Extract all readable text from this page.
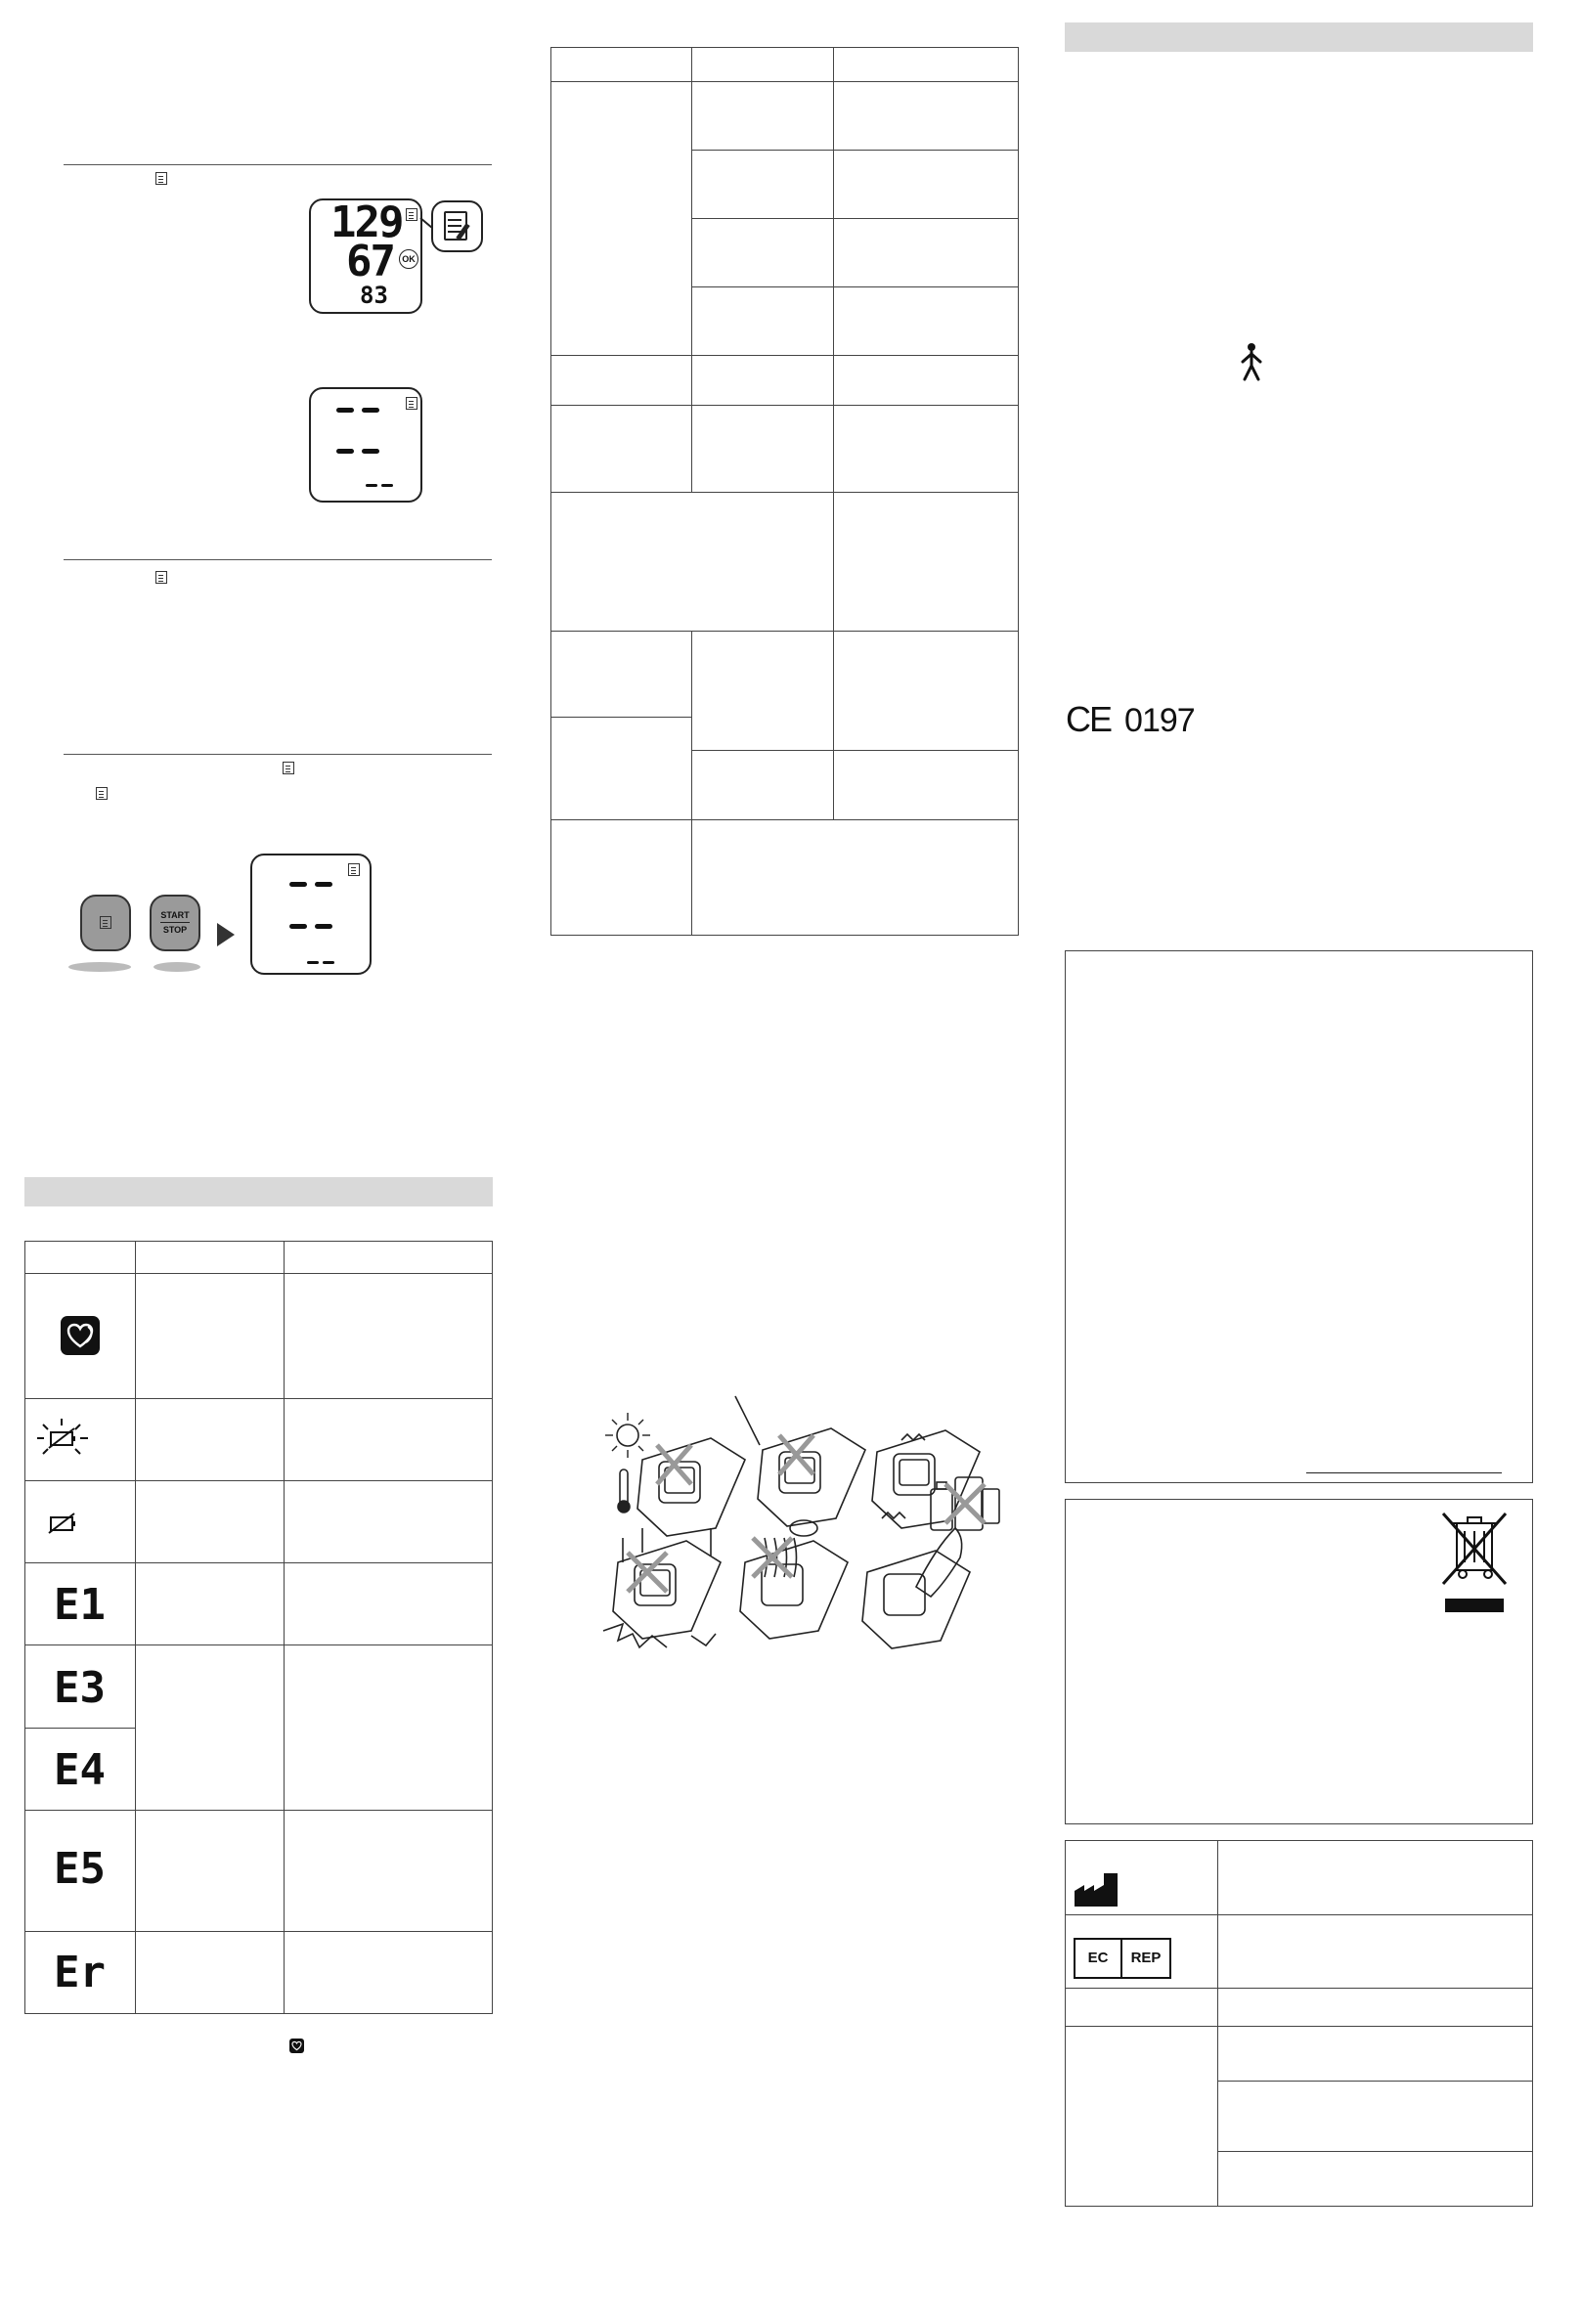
129
67 OK
83
START
STOP
E1
E3
E4
E5
Er
CE 0197
EC	REP
